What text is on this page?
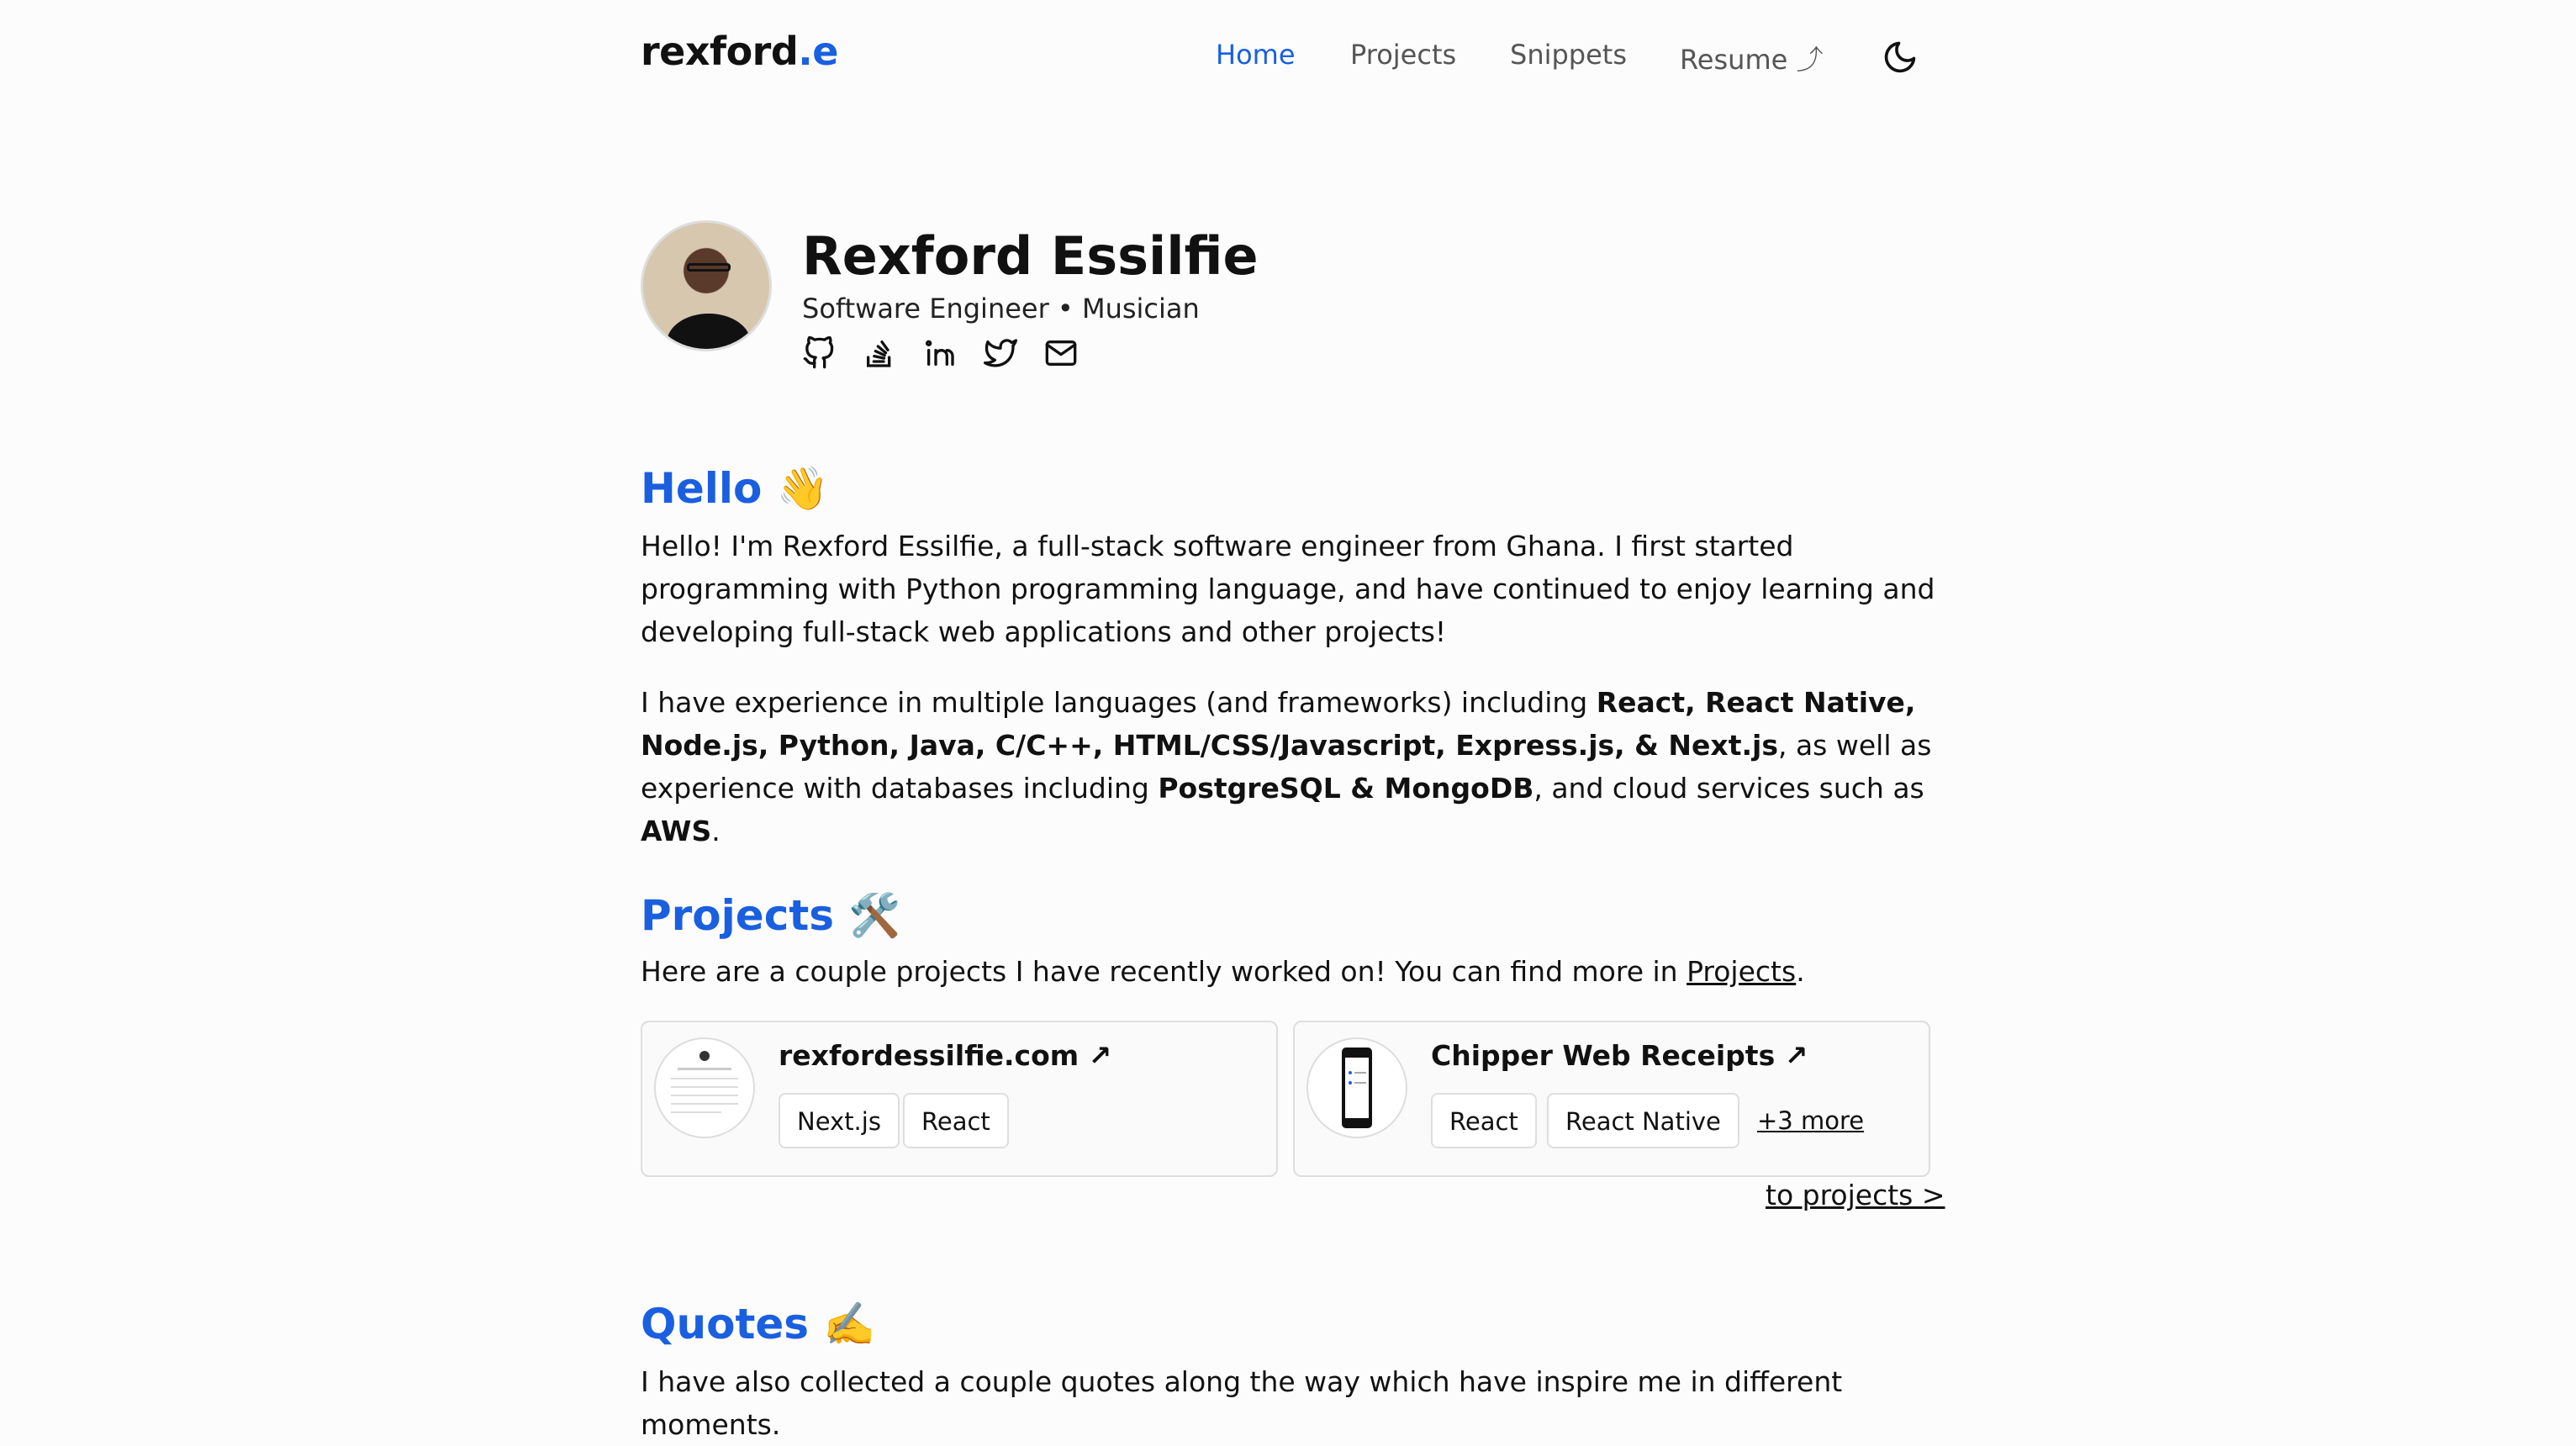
rexford.e	Home Projects Snippets Resume ⤴
Rexford Essilfie
Software Engineer • Musician
Hello 👋

Hello! I'm Rexford Essilfie, a full-stack software engineer from Ghana. I first started programming with Python programming language, and have continued to enjoy learning and developing full-stack web applications and other projects!

I have experience in multiple languages (and frameworks) including React, React Native, Node.js, Python, Java, C/C++, HTML/CSS/Javascript, Express.js, & Next.js, as well as experience with databases including PostgreSQL & MongoDB, and cloud services such as AWS.

Projects 🛠️

Here are a couple projects I have recently worked on! You can find more in Projects.

rexfordessilfie.com ↗
Next.js	React
Chipper Web Receipts ↗
React	React Native	+3 more
to projects >
Quotes ✍️

I have also collected a couple quotes along the way which have inspire me in different moments.
